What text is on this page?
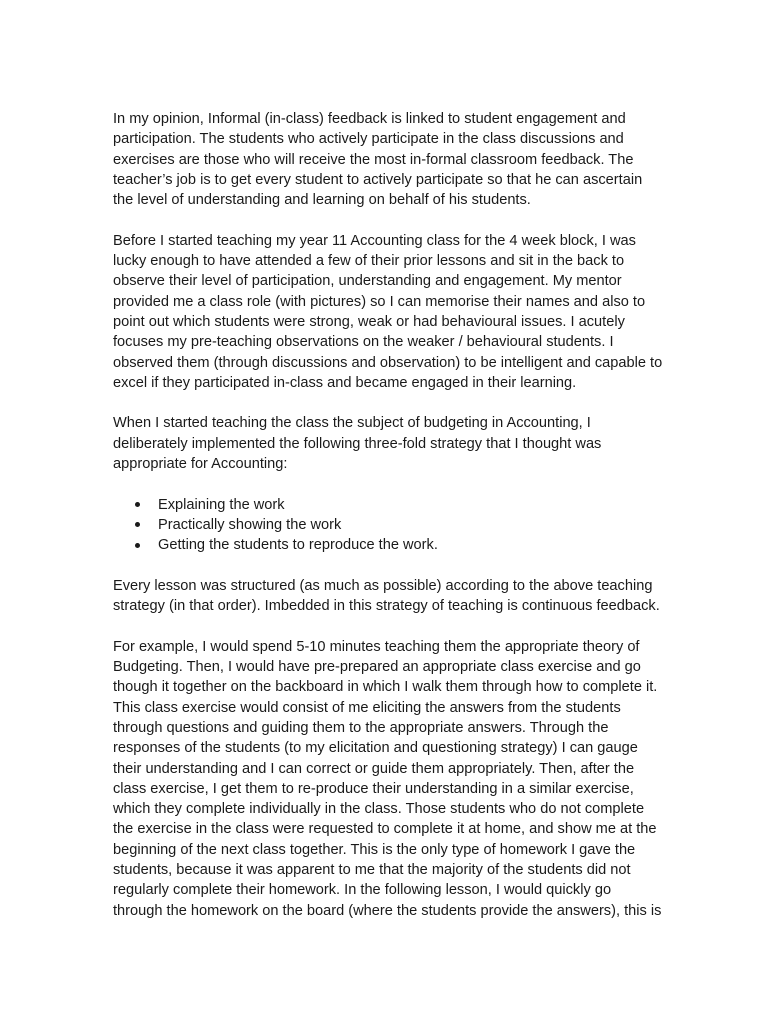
In my opinion, Informal (in-class) feedback is linked to student engagement and
participation. The students who actively participate in the class discussions and
exercises are those who will receive the most in-formal classroom feedback. The
teacher’s job is to get every student to actively participate so that he can ascertain
the level of understanding and learning on behalf of his students.

Before I started teaching my year 11 Accounting class for the 4 week block, I was
lucky enough to have attended a few of their prior lessons and sit in the back to
observe their level of participation, understanding and engagement. My mentor
provided me a class role (with pictures) so I can memorise their names and also to
point out which students were strong, weak or had behavioural issues. I acutely
focuses my pre-teaching observations on the weaker / behavioural students. I
observed them (through discussions and observation) to be intelligent and capable to
excel if they participated in-class and became engaged in their learning.

When I started teaching the class the subject of budgeting in Accounting, I
deliberately implemented the following three-fold strategy that I thought was
appropriate for Accounting:

Explaining the work
Practically showing the work
Getting the students to reproduce the work.

Every lesson was structured (as much as possible) according to the above teaching
strategy (in that order). Imbedded in this strategy of teaching is continuous feedback.

For example, I would spend 5-10 minutes teaching them the appropriate theory of
Budgeting. Then, I would have pre-prepared an appropriate class exercise and go
though it together on the backboard in which I walk them through how to complete it.
This class exercise would consist of me eliciting the answers from the students
through questions and guiding them to the appropriate answers. Through the
responses of the students (to my elicitation and questioning strategy) I can gauge
their understanding and I can correct or guide them appropriately. Then, after the
class exercise, I get them to re-produce their understanding in a similar exercise,
which they complete individually in the class. Those students who do not complete
the exercise in the class were requested to complete it at home, and show me at the
beginning of the next class together. This is the only type of homework I gave the
students, because it was apparent to me that the majority of the students did not
regularly complete their homework. In the following lesson, I would quickly go
through the homework on the board (where the students provide the answers), this is
